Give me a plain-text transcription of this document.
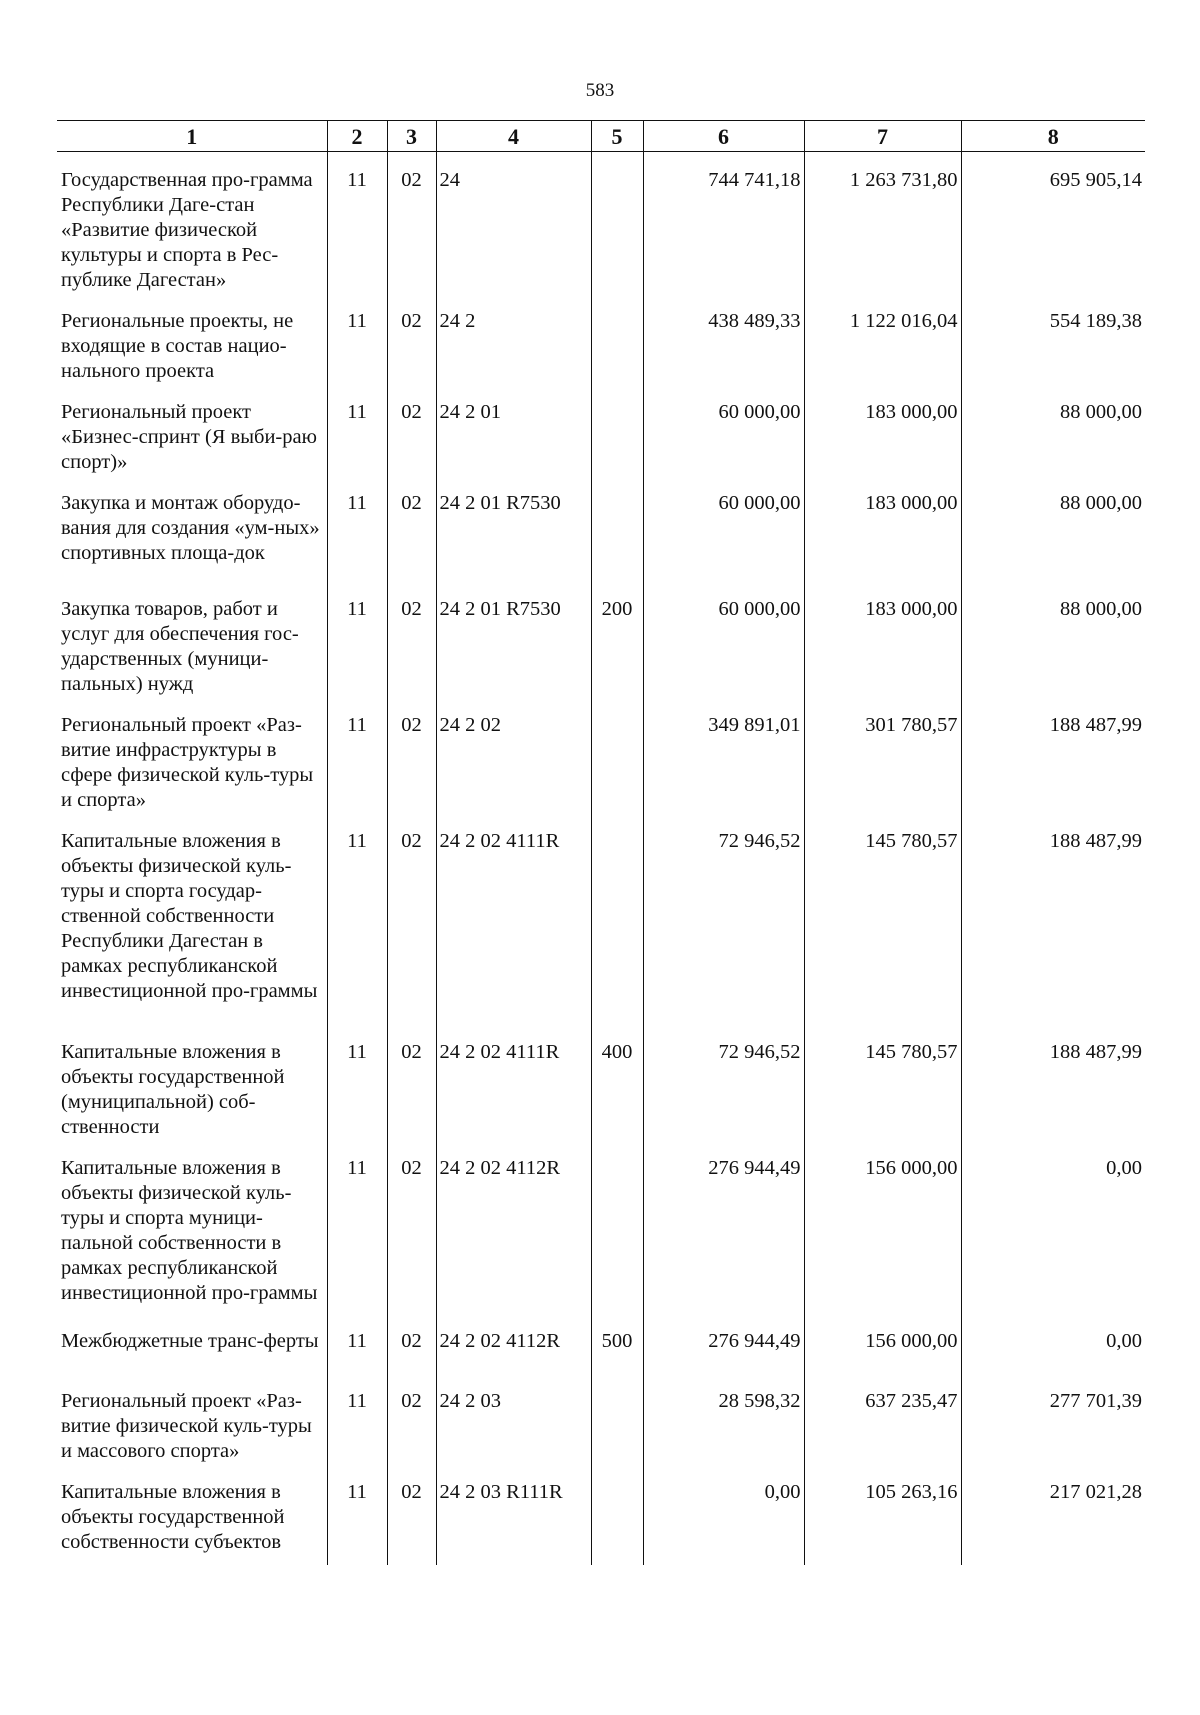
583
1	2	3	4	5	6	7	8
Государственная про-грамма Республики Даге-стан «Развитие физической культуры и спорта в Рес-публике Дагестан»	11	02	24		744 741,18	1 263 731,80	695 905,14
Региональные проекты, не входящие в состав нацио-нального проекта	11	02	24 2		438 489,33	1 122 016,04	554 189,38
Региональный проект «Бизнес-спринт (Я выби-раю спорт)»	11	02	24 2 01		60 000,00	183 000,00	88 000,00
Закупка и монтаж оборудо-вания для создания «ум-ных» спортивных площа-док	11	02	24 2 01 R7530		60 000,00	183 000,00	88 000,00
Закупка товаров, работ и услуг для обеспечения гос-ударственных (муници-пальных) нужд	11	02	24 2 01 R7530	200	60 000,00	183 000,00	88 000,00
Региональный проект «Раз-витие инфраструктуры в сфере физической куль-туры и спорта»	11	02	24 2 02		349 891,01	301 780,57	188 487,99
Капитальные вложения в объекты физической куль-туры и спорта государ-ственной собственности Республики Дагестан в рамках республиканской инвестиционной про-граммы	11	02	24 2 02 4111R		72 946,52	145 780,57	188 487,99
Капитальные вложения в объекты государственной (муниципальной) соб-ственности	11	02	24 2 02 4111R	400	72 946,52	145 780,57	188 487,99
Капитальные вложения в объекты физической куль-туры и спорта муници-пальной собственности в рамках республиканской инвестиционной про-граммы	11	02	24 2 02 4112R		276 944,49	156 000,00	0,00
Межбюджетные транс-ферты	11	02	24 2 02 4112R	500	276 944,49	156 000,00	0,00
Региональный проект «Раз-витие физической куль-туры и массового спорта»	11	02	24 2 03		28 598,32	637 235,47	277 701,39
Капитальные вложения в объекты государственной собственности субъектов	11	02	24 2 03 R111R		0,00	105 263,16	217 021,28
